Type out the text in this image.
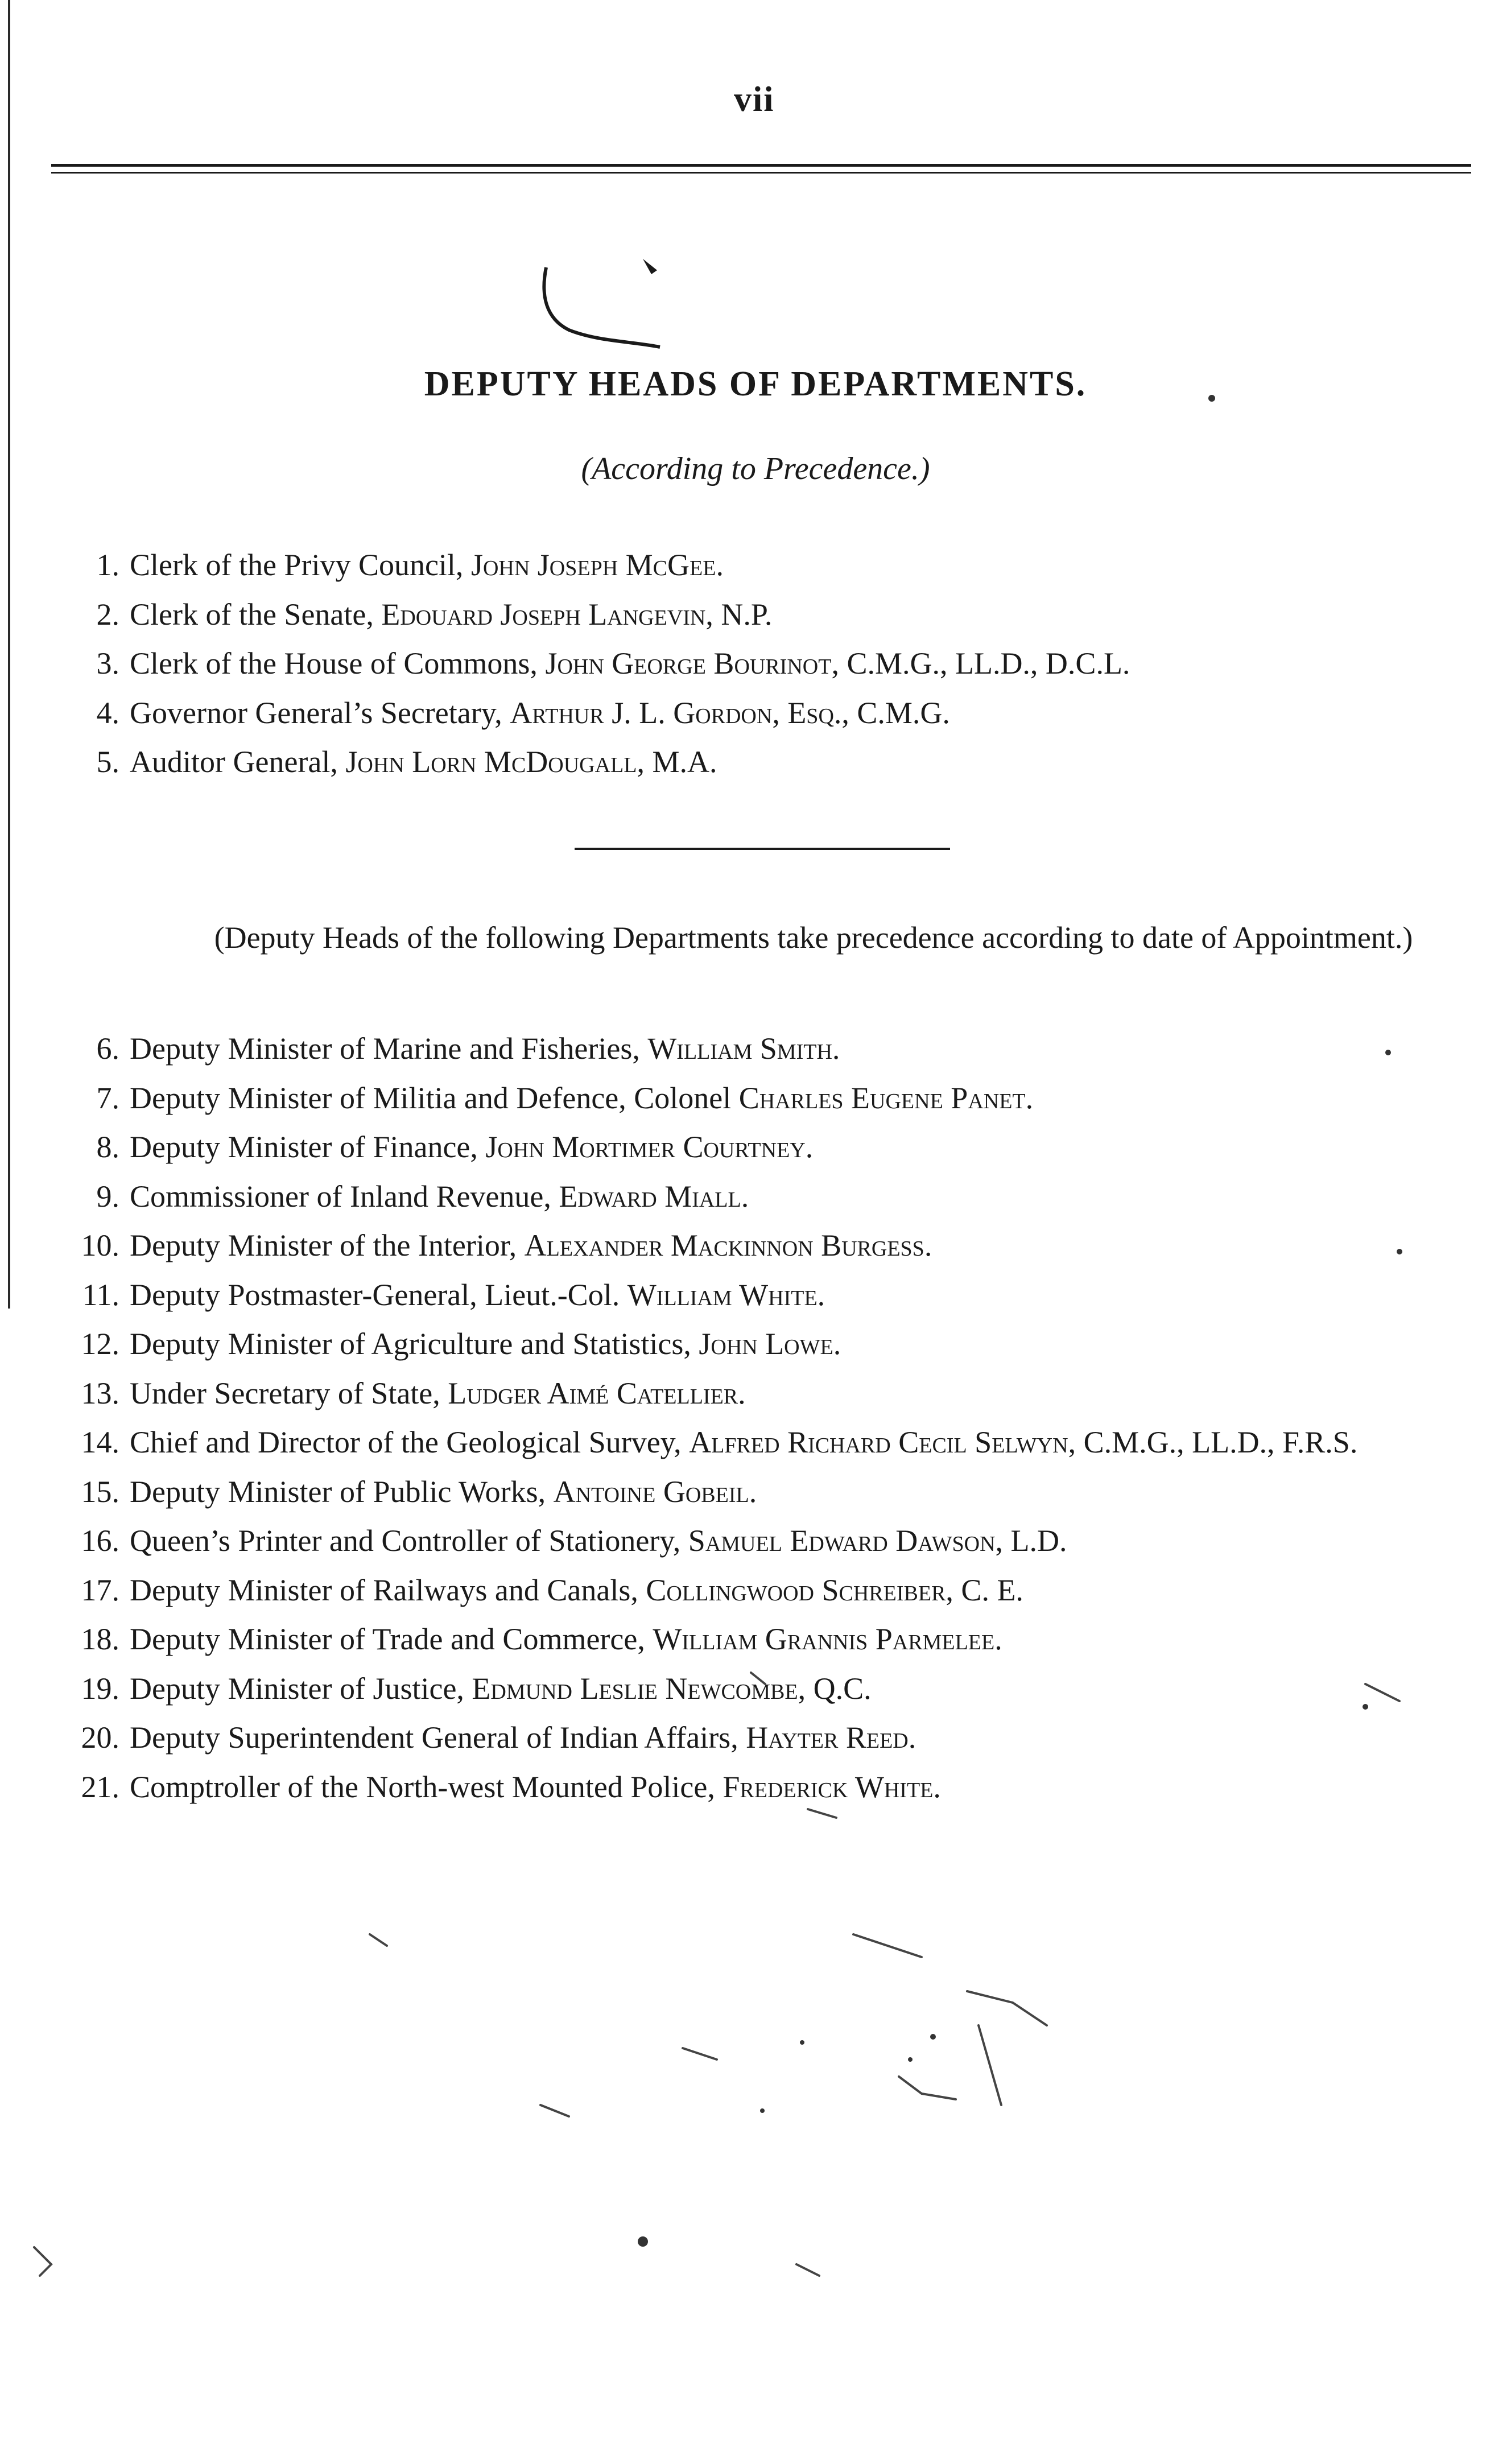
vii
DEPUTY HEADS OF DEPARTMENTS.
(According to Precedence.)
1. Clerk of the Privy Council, John Joseph McGee.
2. Clerk of the Senate, Edouard Joseph Langevin, N.P.
3. Clerk of the House of Commons, John George Bourinot, C.M.G., LL.D., D.C.L.
4. Governor General’s Secretary, Arthur J. L. Gordon, Esq., C.M.G.
5. Auditor General, John Lorn McDougall, M.A.
(Deputy Heads of the following Departments take precedence according to date of Appointment.)
6. Deputy Minister of Marine and Fisheries, William Smith.
7. Deputy Minister of Militia and Defence, Colonel Charles Eugene Panet.
8. Deputy Minister of Finance, John Mortimer Courtney.
9. Commissioner of Inland Revenue, Edward Miall.
10. Deputy Minister of the Interior, Alexander Mackinnon Burgess.
11. Deputy Postmaster-General, Lieut.-Col. William White.
12. Deputy Minister of Agriculture and Statistics, John Lowe.
13. Under Secretary of State, Ludger Aimé Catellier.
14. Chief and Director of the Geological Survey, Alfred Richard Cecil Selwyn, C.M.G., LL.D., F.R.S.
15. Deputy Minister of Public Works, Antoine Gobeil.
16. Queen’s Printer and Controller of Stationery, Samuel Edward Dawson, L.D.
17. Deputy Minister of Railways and Canals, Collingwood Schreiber, C. E.
18. Deputy Minister of Trade and Commerce, William Grannis Parmelee.
19. Deputy Minister of Justice, Edmund Leslie Newcombe, Q.C.
20. Deputy Superintendent General of Indian Affairs, Hayter Reed.
21. Comptroller of the North-west Mounted Police, Frederick White.
